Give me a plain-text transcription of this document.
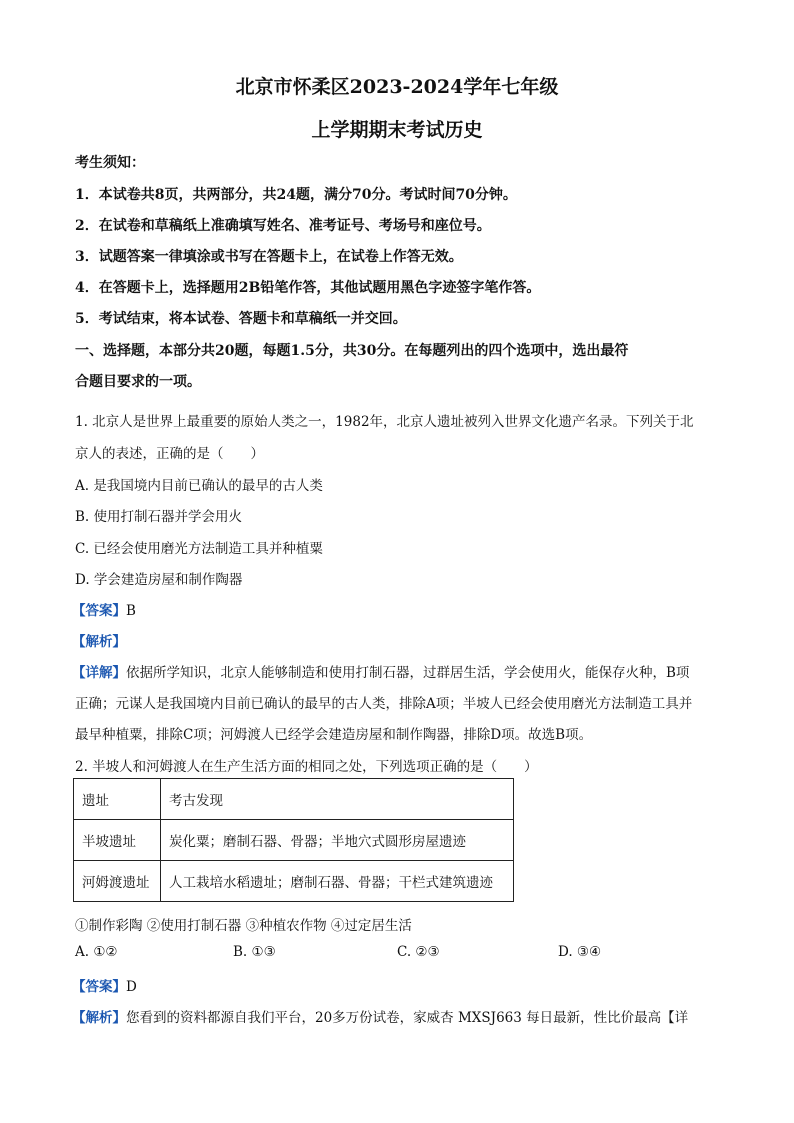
北京市怀柔区2023-2024学年七年级
上学期期末考试历史
考生须知：
1．本试卷共8页，共两部分，共24题，满分70分。考试时间70分钟。
2．在试卷和草稿纸上准确填写姓名、准考证号、考场号和座位号。
3．试题答案一律填涂或书写在答题卡上，在试卷上作答无效。
4．在答题卡上，选择题用2B铅笔作答，其他试题用黑色字迹签字笔作答。
5．考试结束，将本试卷、答题卡和草稿纸一并交回。
一、选择题，本部分共20题，每题1.5分，共30分。在每题列出的四个选项中，选出最符
合题目要求的一项。
1. 北京人是世界上最重要的原始人类之一，1982年，北京人遗址被列入世界文化遗产名录。下列关于北
京人的表述，正确的是（　　）
A. 是我国境内目前已确认的最早的古人类
B. 使用打制石器并学会用火
C. 已经会使用磨光方法制造工具并种植粟
D. 学会建造房屋和制作陶器
【答案】B
【解析】
【详解】依据所学知识，北京人能够制造和使用打制石器，过群居生活，学会使用火，能保存火种，B项
正确；元谋人是我国境内目前已确认的最早的古人类，排除A项；半坡人已经会使用磨光方法制造工具并
最早种植粟，排除C项；河姆渡人已经学会建造房屋和制作陶器，排除D项。故选B项。
2. 半坡人和河姆渡人在生产生活方面的相同之处，下列选项正确的是（　　）
遗址	考古发现
半坡遗址	炭化粟；磨制石器、骨器；半地穴式圆形房屋遗迹
河姆渡遗址	人工栽培水稻遗址；磨制石器、骨器；干栏式建筑遗迹
①制作彩陶 ②使用打制石器 ③种植农作物 ④过定居生活
A. ①②	B. ①③	C. ②③	D. ③④
【答案】D
【解析】您看到的资料都源自我们平台，20多万份试卷，家威杏 MXSJ663 每日最新，性比价最高【详
